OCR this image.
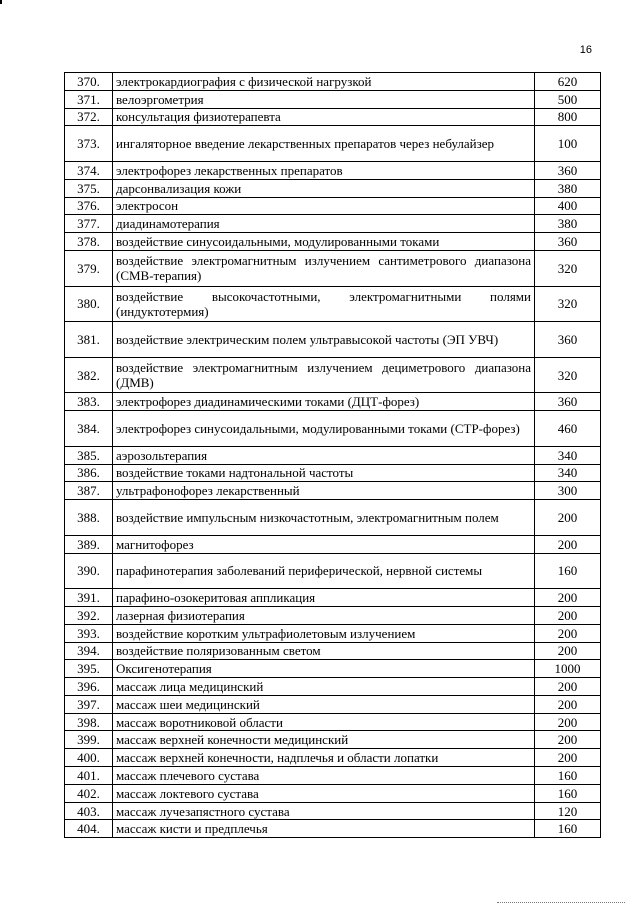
16
370.	электрокардиография с физической нагрузкой	620
371.	велоэргометрия	500
372.	консультация физиотерапевта	800
373.	ингаляторное введение лекарственных препаратов через небулайзер	100
374.	электрофорез лекарственных препаратов	360
375.	дарсонвализация кожи	380
376.	электросон	400
377.	диадинамотерапия	380
378.	воздействие синусоидальными, модулированными токами	360
379.	воздействие электромагнитным излучением сантиметрового диапазона (СМВ-терапия)	320
380.	воздействие высокочастотными, электромагнитными полями (индуктотермия)	320
381.	воздействие электрическим полем ультравысокой частоты (ЭП УВЧ)	360
382.	воздействие электромагнитным излучением дециметрового диапазона (ДМВ)	320
383.	электрофорез диадинамическими токами (ДЦТ-форез)	360
384.	электрофорез синусоидальными, модулированными токами (СТР-форез)	460
385.	аэрозольтерапия	340
386.	воздействие токами надтональной частоты	340
387.	ультрафонофорез лекарственный	300
388.	воздействие импульсным низкочастотным, электромагнитным полем	200
389.	магнитофорез	200
390.	парафинотерапия заболеваний периферической, нервной системы	160
391.	парафино-озокеритовая аппликация	200
392.	лазерная физиотерапия	200
393.	воздействие коротким ультрафиолетовым излучением	200
394.	воздействие поляризованным светом	200
395.	Оксигенотерапия	1000
396.	массаж лица медицинский	200
397.	массаж шеи медицинский	200
398.	массаж воротниковой области	200
399.	массаж верхней конечности медицинский	200
400.	массаж верхней конечности, надплечья и области лопатки	200
401.	массаж плечевого сустава	160
402.	массаж локтевого сустава	160
403.	массаж лучезапястного сустава	120
404.	массаж кисти и предплечья	160
